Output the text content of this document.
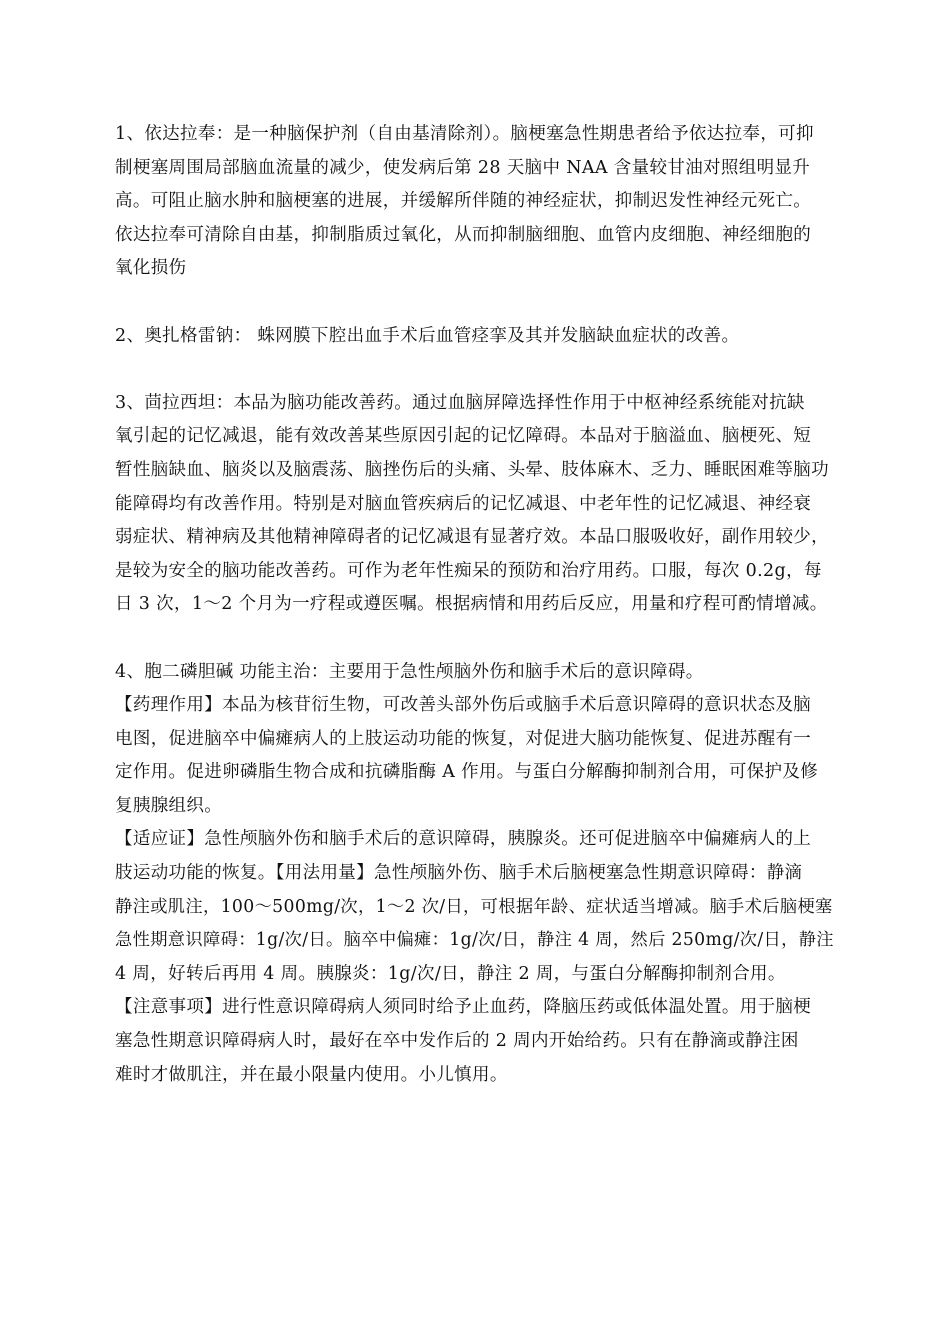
1、依达拉奉：是一种脑保护剂（自由基清除剂）。脑梗塞急性期患者给予依达拉奉，可抑
制梗塞周围局部脑血流量的减少，使发病后第 28 天脑中 NAA 含量较甘油对照组明显升
高。可阻止脑水肿和脑梗塞的进展，并缓解所伴随的神经症状，抑制迟发性神经元死亡。
依达拉奉可清除自由基，抑制脂质过氧化，从而抑制脑细胞、血管内皮细胞、神经细胞的
氧化损伤
2、奥扎格雷钠： 蛛网膜下腔出血手术后血管痉挛及其并发脑缺血症状的改善。
3、茴拉西坦：本品为脑功能改善药。通过血脑屏障选择性作用于中枢神经系统能对抗缺
氧引起的记忆减退，能有效改善某些原因引起的记忆障碍。本品对于脑溢血、脑梗死、短
暂性脑缺血、脑炎以及脑震荡、脑挫伤后的头痛、头晕、肢体麻木、乏力、睡眠困难等脑功
能障碍均有改善作用。特别是对脑血管疾病后的记忆减退、中老年性的记忆减退、神经衰
弱症状、精神病及其他精神障碍者的记忆减退有显著疗效。本品口服吸收好，副作用较少，
是较为安全的脑功能改善药。可作为老年性痴呆的预防和治疗用药。口服，每次 0.2g，每
日 3 次，1～2 个月为一疗程或遵医嘱。根据病情和用药后反应，用量和疗程可酌情增减。
4、胞二磷胆碱 功能主治：主要用于急性颅脑外伤和脑手术后的意识障碍。
【药理作用】本品为核苷衍生物，可改善头部外伤后或脑手术后意识障碍的意识状态及脑
电图，促进脑卒中偏瘫病人的上肢运动功能的恢复，对促进大脑功能恢复、促进苏醒有一
定作用。促进卵磷脂生物合成和抗磷脂酶 A 作用。与蛋白分解酶抑制剂合用，可保护及修
复胰腺组织。
【适应证】急性颅脑外伤和脑手术后的意识障碍，胰腺炎。还可促进脑卒中偏瘫病人的上
肢运动功能的恢复。【用法用量】急性颅脑外伤、脑手术后脑梗塞急性期意识障碍：静滴
静注或肌注，100～500mg/次，1～2 次/日，可根据年龄、症状适当增减。脑手术后脑梗塞
急性期意识障碍：1g/次/日。脑卒中偏瘫：1g/次/日，静注 4 周，然后 250mg/次/日，静注
4 周，好转后再用 4 周。胰腺炎：1g/次/日，静注 2 周，与蛋白分解酶抑制剂合用。
【注意事项】进行性意识障碍病人须同时给予止血药，降脑压药或低体温处置。用于脑梗
塞急性期意识障碍病人时，最好在卒中发作后的 2 周内开始给药。只有在静滴或静注困
难时才做肌注，并在最小限量内使用。小儿慎用。
